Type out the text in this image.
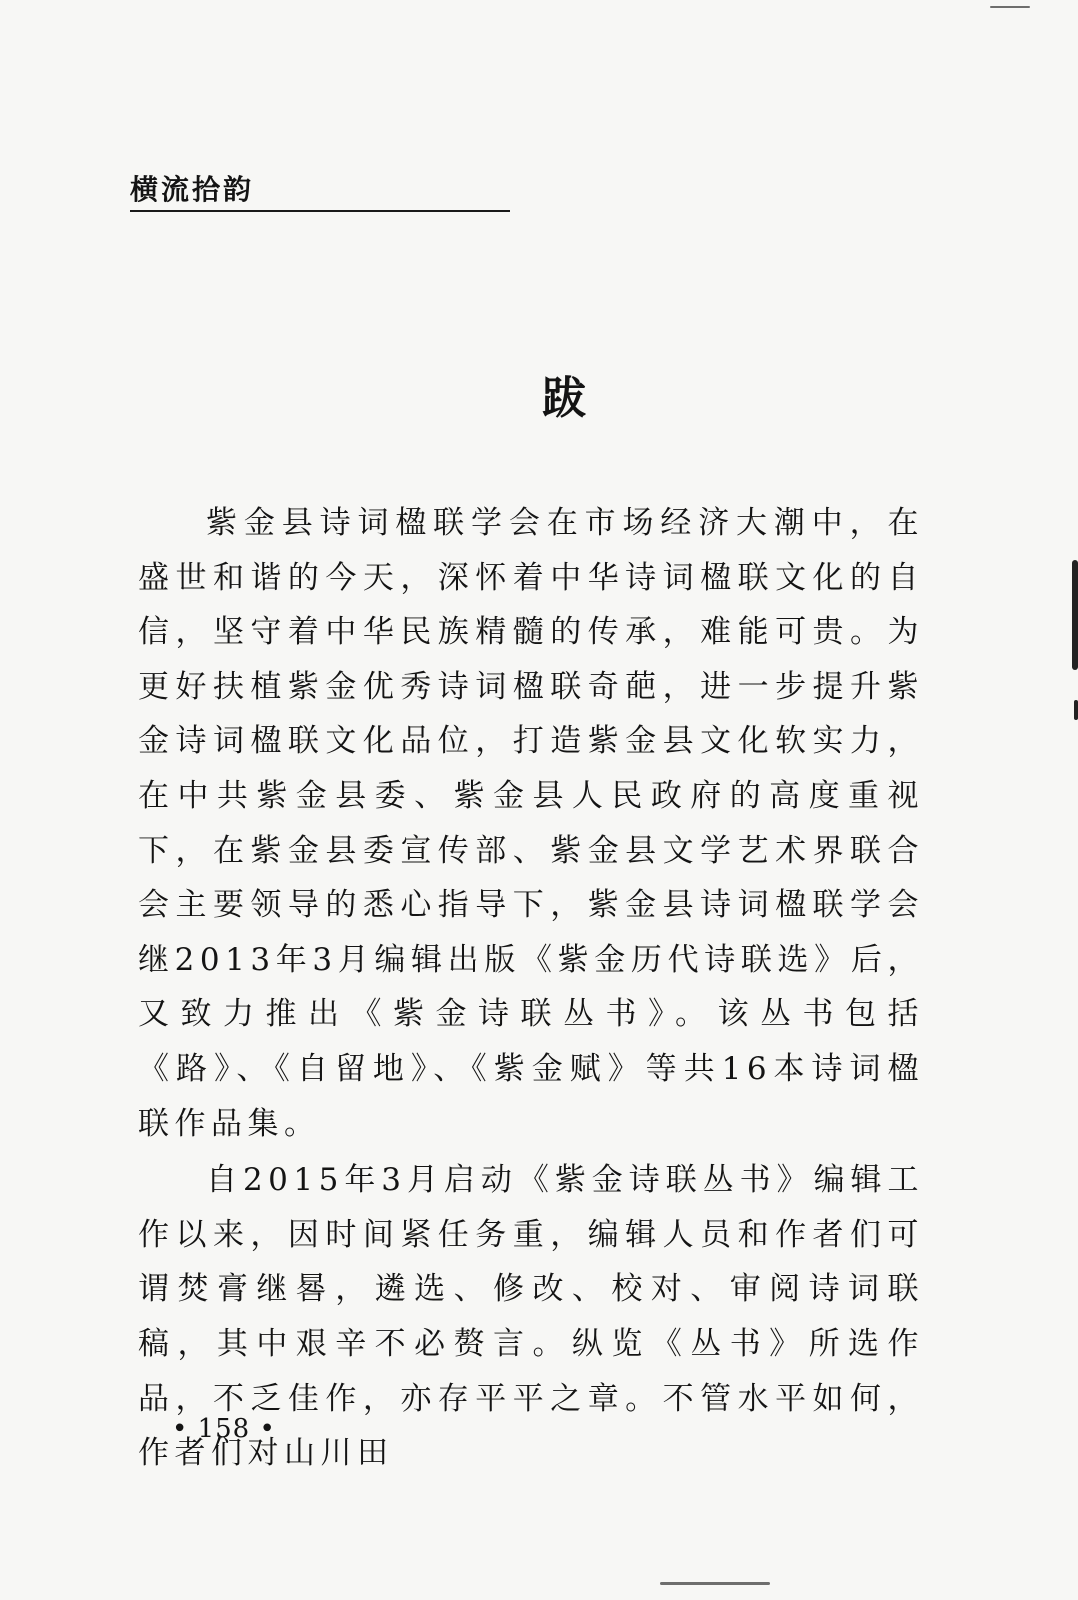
横流拾韵
跋

紫金县诗词楹联学会在市场经济大潮中，在盛世和谐的今天，深怀着中华诗词楹联文化的自信，坚守着中华民族精髓的传承，难能可贵。为更好扶植紫金优秀诗词楹联奇葩，进一步提升紫金诗词楹联文化品位，打造紫金县文化软实力，在中共紫金县委、紫金县人民政府的高度重视下，在紫金县委宣传部、紫金县文学艺术界联合会主要领导的悉心指导下，紫金县诗词楹联学会继2013年3月编辑出版《紫金历代诗联选》后，又致力推出《紫金诗联丛书》。该丛书包括《路》、《自留地》、《紫金赋》等共16本诗词楹联作品集。

自2015年3月启动《紫金诗联丛书》编辑工作以来，因时间紧任务重，编辑人员和作者们可谓焚膏继晷，遴选、修改、校对、审阅诗词联稿，其中艰辛不必赘言。纵览《丛书》所选作品，不乏佳作，亦存平平之章。不管水平如何，作者们对山川田

• 158 •
